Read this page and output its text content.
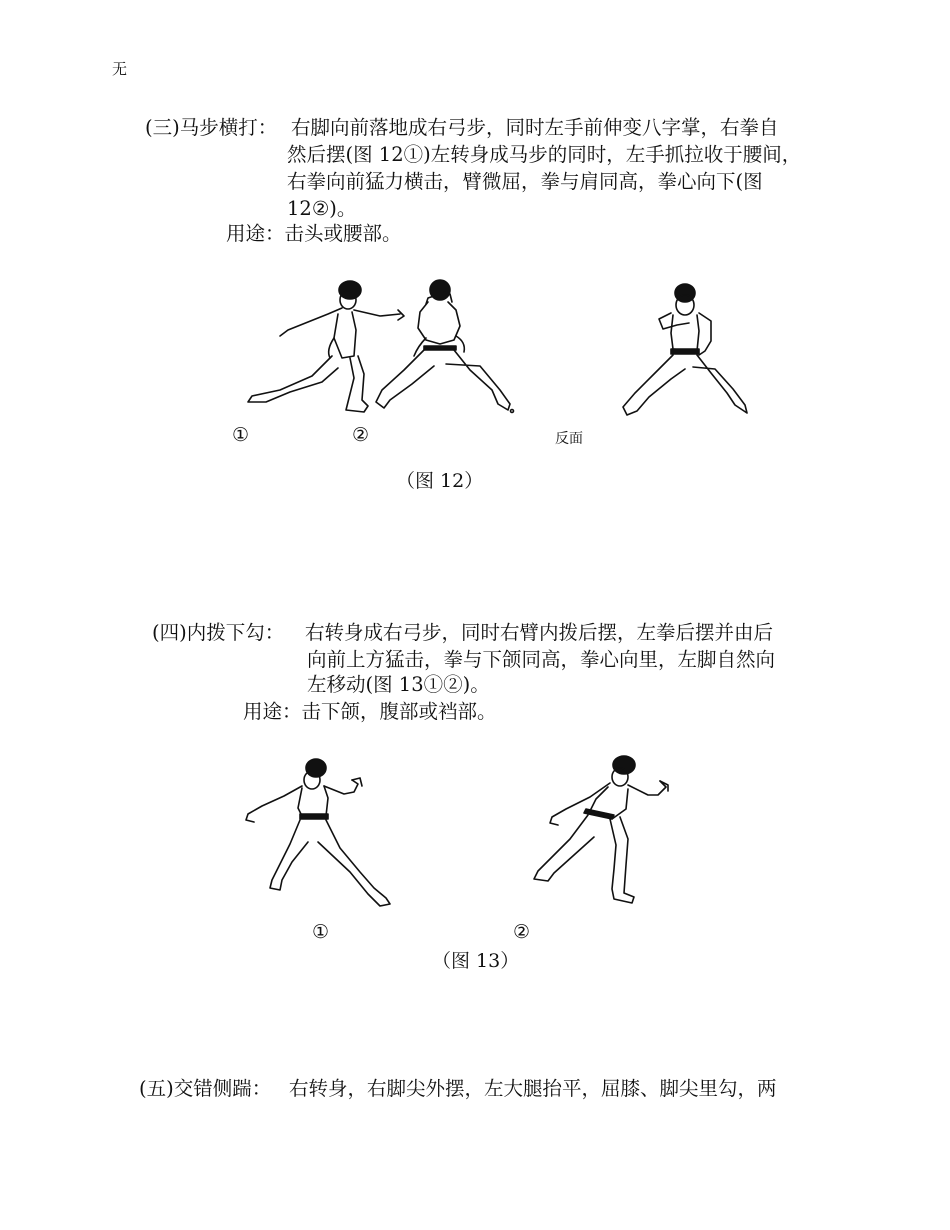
无
(三)马步横打： 右脚向前落地成右弓步，同时左手前伸变八字掌，右拳自
然后摆(图 12①)左转身成马步的同时，左手抓拉收于腰间，
右拳向前猛力横击，臂微屈，拳与肩同高，拳心向下(图
12②)。
用途：击头或腰部。
①	②	反面
（图 12）
(四)内拨下勾： 右转身成右弓步，同时右臂内拨后摆，左拳后摆并由后
向前上方猛击，拳与下颌同高，拳心向里，左脚自然向
左移动(图 13①②)。
用途：击下颌，腹部或裆部。
①	②
（图 13）
(五)交错侧踹： 右转身，右脚尖外摆，左大腿抬平，屈膝、脚尖里勾，两
